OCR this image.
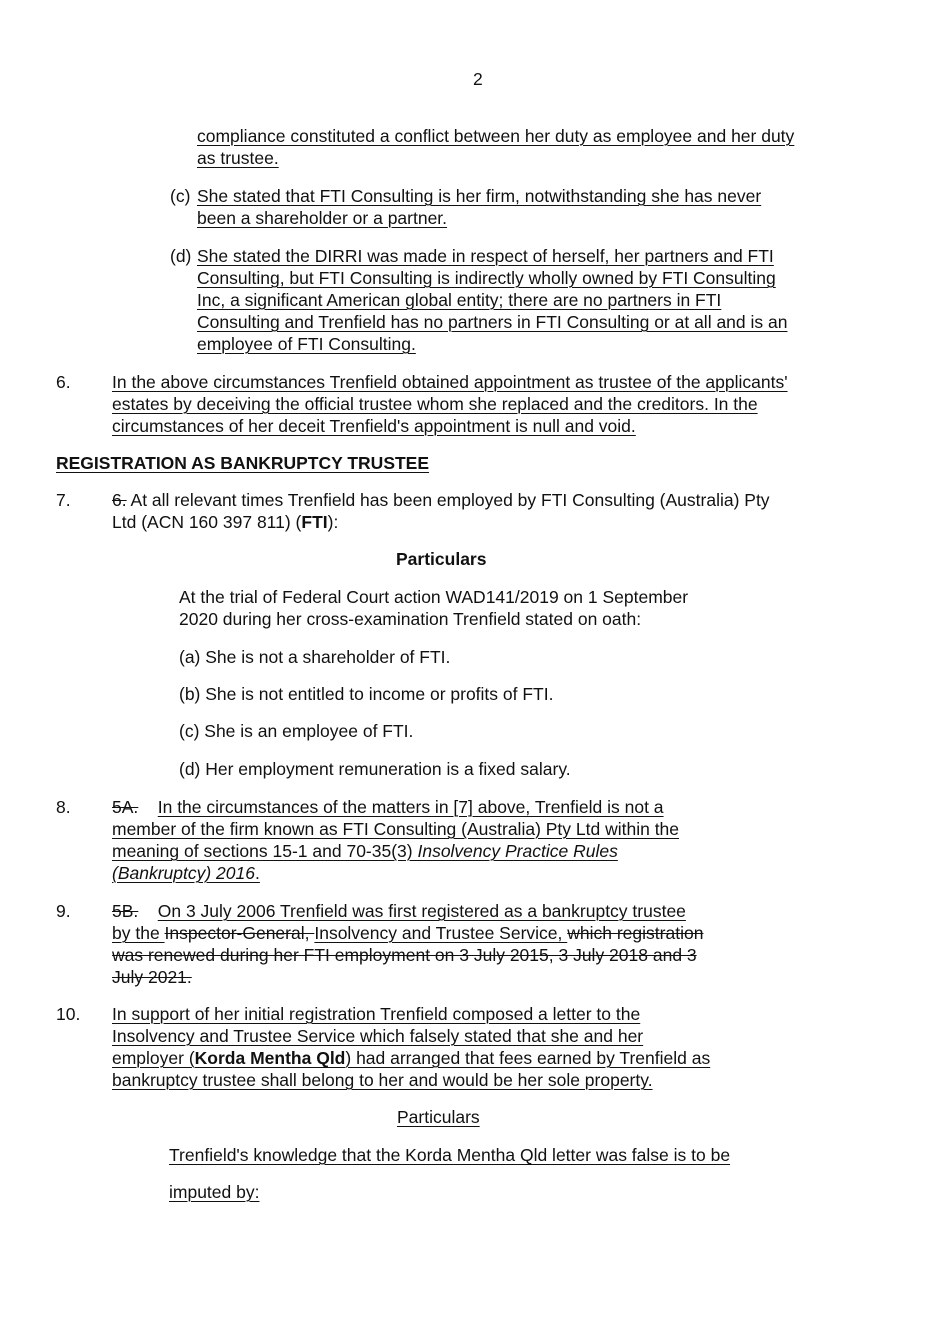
2
compliance constituted a conflict between her duty as employee and her duty
as trustee.
(c) She stated that FTI Consulting is her firm, notwithstanding she has never
been a shareholder or a partner.
(d) She stated the DIRRI was made in respect of herself, her partners and FTI
Consulting, but FTI Consulting is indirectly wholly owned by FTI Consulting
Inc, a significant American global entity; there are no partners in FTI
Consulting and Trenfield has no partners in FTI Consulting or at all and is an
employee of FTI Consulting.
6. In the above circumstances Trenfield obtained appointment as trustee of the applicants'
estates by deceiving the official trustee whom she replaced and the creditors. In the
circumstances of her deceit Trenfield's appointment is null and void.
REGISTRATION AS BANKRUPTCY TRUSTEE
7. 6. At all relevant times Trenfield has been employed by FTI Consulting (Australia) Pty
Ltd (ACN 160 397 811) (FTI):
Particulars
At the trial of Federal Court action WAD141/2019 on 1 September
2020 during her cross-examination Trenfield stated on oath:
(a) She is not a shareholder of FTI.
(b) She is not entitled to income or profits of FTI.
(c) She is an employee of FTI.
(d) Her employment remuneration is a fixed salary.
8. 5A. In the circumstances of the matters in [7] above, Trenfield is not a
member of the firm known as FTI Consulting (Australia) Pty Ltd within the
meaning of sections 15-1 and 70-35(3) Insolvency Practice Rules
(Bankruptcy) 2016.
9. 5B. On 3 July 2006 Trenfield was first registered as a bankruptcy trustee
by the Inspector-General, Insolvency and Trustee Service, which registration
was renewed during her FTI employment on 3 July 2015, 3 July 2018 and 3
July 2021.
10. In support of her initial registration Trenfield composed a letter to the
Insolvency and Trustee Service which falsely stated that she and her
employer (Korda Mentha Qld) had arranged that fees earned by Trenfield as
bankruptcy trustee shall belong to her and would be her sole property.
Particulars
Trenfield's knowledge that the Korda Mentha Qld letter was false is to be
imputed by:
